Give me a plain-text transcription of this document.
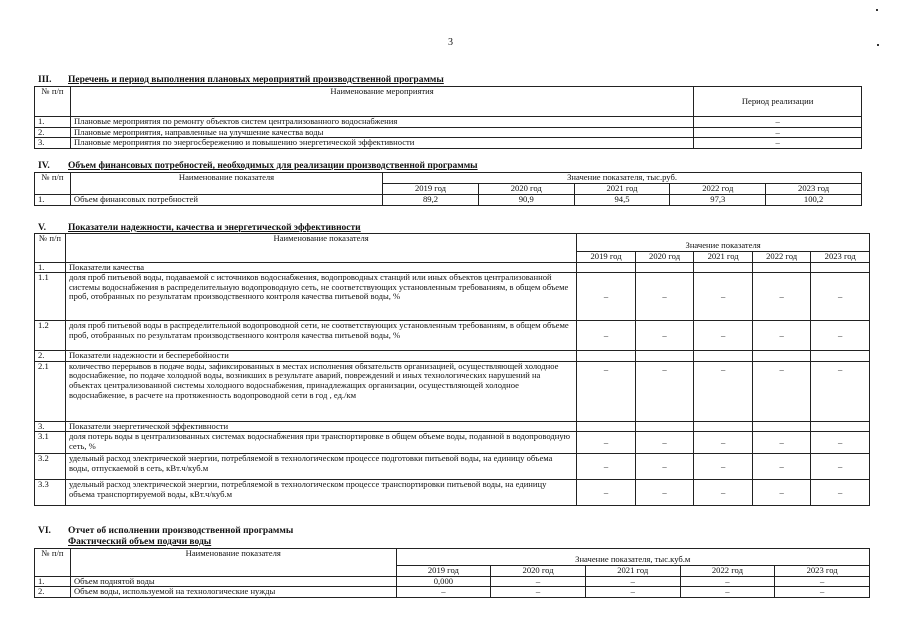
3
III. Перечень и период выполнения плановых мероприятий производственной программы
№ п/п	Наименование мероприятия	Период реализации
1.	Плановые мероприятия по ремонту объектов систем централизованного водоснабжения	–
2.	Плановые мероприятия, направленные на улучшение качества воды	–
3.	Плановые мероприятия по энергосбережению и повышению энергетической эффективности	–
IV. Объем финансовых потребностей, необходимых для реализации производственной программы
№ п/п	Наименование показателя	Значение показателя, тыс.руб.				
		2019 год	2020 год	2021 год	2022 год	2023 год
1.	Объем финансовых потребностей	89,2	90,9	94,5	97,3	100,2
V. Показатели надежности, качества и энергетической эффективности
№ п/п	Наименование показателя	Значение показателя				
		2019 год	2020 год	2021 год	2022 год	2023 год
1.	Показатели качества					
1.1	доля проб питьевой воды, подаваемой с источников водоснабжения, водопроводных станций или иных объектов централизованной системы водоснабжения в распределительную водопроводную сеть, не соответствующих установленным требованиям, в общем объеме проб, отобранных по результатам производственного контроля качества питьевой воды, %	–	–	–	–	–
1.2	доля проб питьевой воды в распределительной водопроводной сети, не соответствующих установленным требованиям, в общем объеме проб, отобранных по результатам производственного контроля качества питьевой воды, %	–	–	–	–	–
2.	Показатели надежности и бесперебойности					
2.1	количество перерывов в подаче воды, зафиксированных в местах исполнения обязательств организацией, осуществляющей холодное водоснабжение, по подаче холодной воды, возникших в результате аварий, повреждений и иных технологических нарушений на объектах централизованной системы холодного водоснабжения, принадлежащих организации, осуществляющей холодное водоснабжение, в расчете на протяженность водопроводной сети в год , ед./км	–	–	–	–	–
3.	Показатели энергетической эффективности					
3.1	доля потерь воды в централизованных системах водоснабжения при транспортировке в общем объеме воды, поданной в водопроводную сеть, %	–	–	–	–	–
3.2	удельный расход электрической энергии, потребляемой в технологическом процессе подготовки питьевой воды, на единицу объема воды, отпускаемой в сеть, кВт.ч/куб.м	–	–	–	–	–
3.3	удельный расход электрической энергии, потребляемой в технологическом процессе транспортировки питьевой воды, на единицу объема транспортируемой воды, кВт.ч/куб.м	–	–	–	–	–
VI. Отчет об исполнении производственной программы
Фактический объем подачи воды
№ п/п	Наименование показателя	Значение показателя, тыс.куб.м				
		2019 год	2020 год	2021 год	2022 год	2023 год
1.	Объем поднятой воды	0,000	–	–	–	–
2.	Объем воды, используемой на технологические нужды	–	–	–	–	–
